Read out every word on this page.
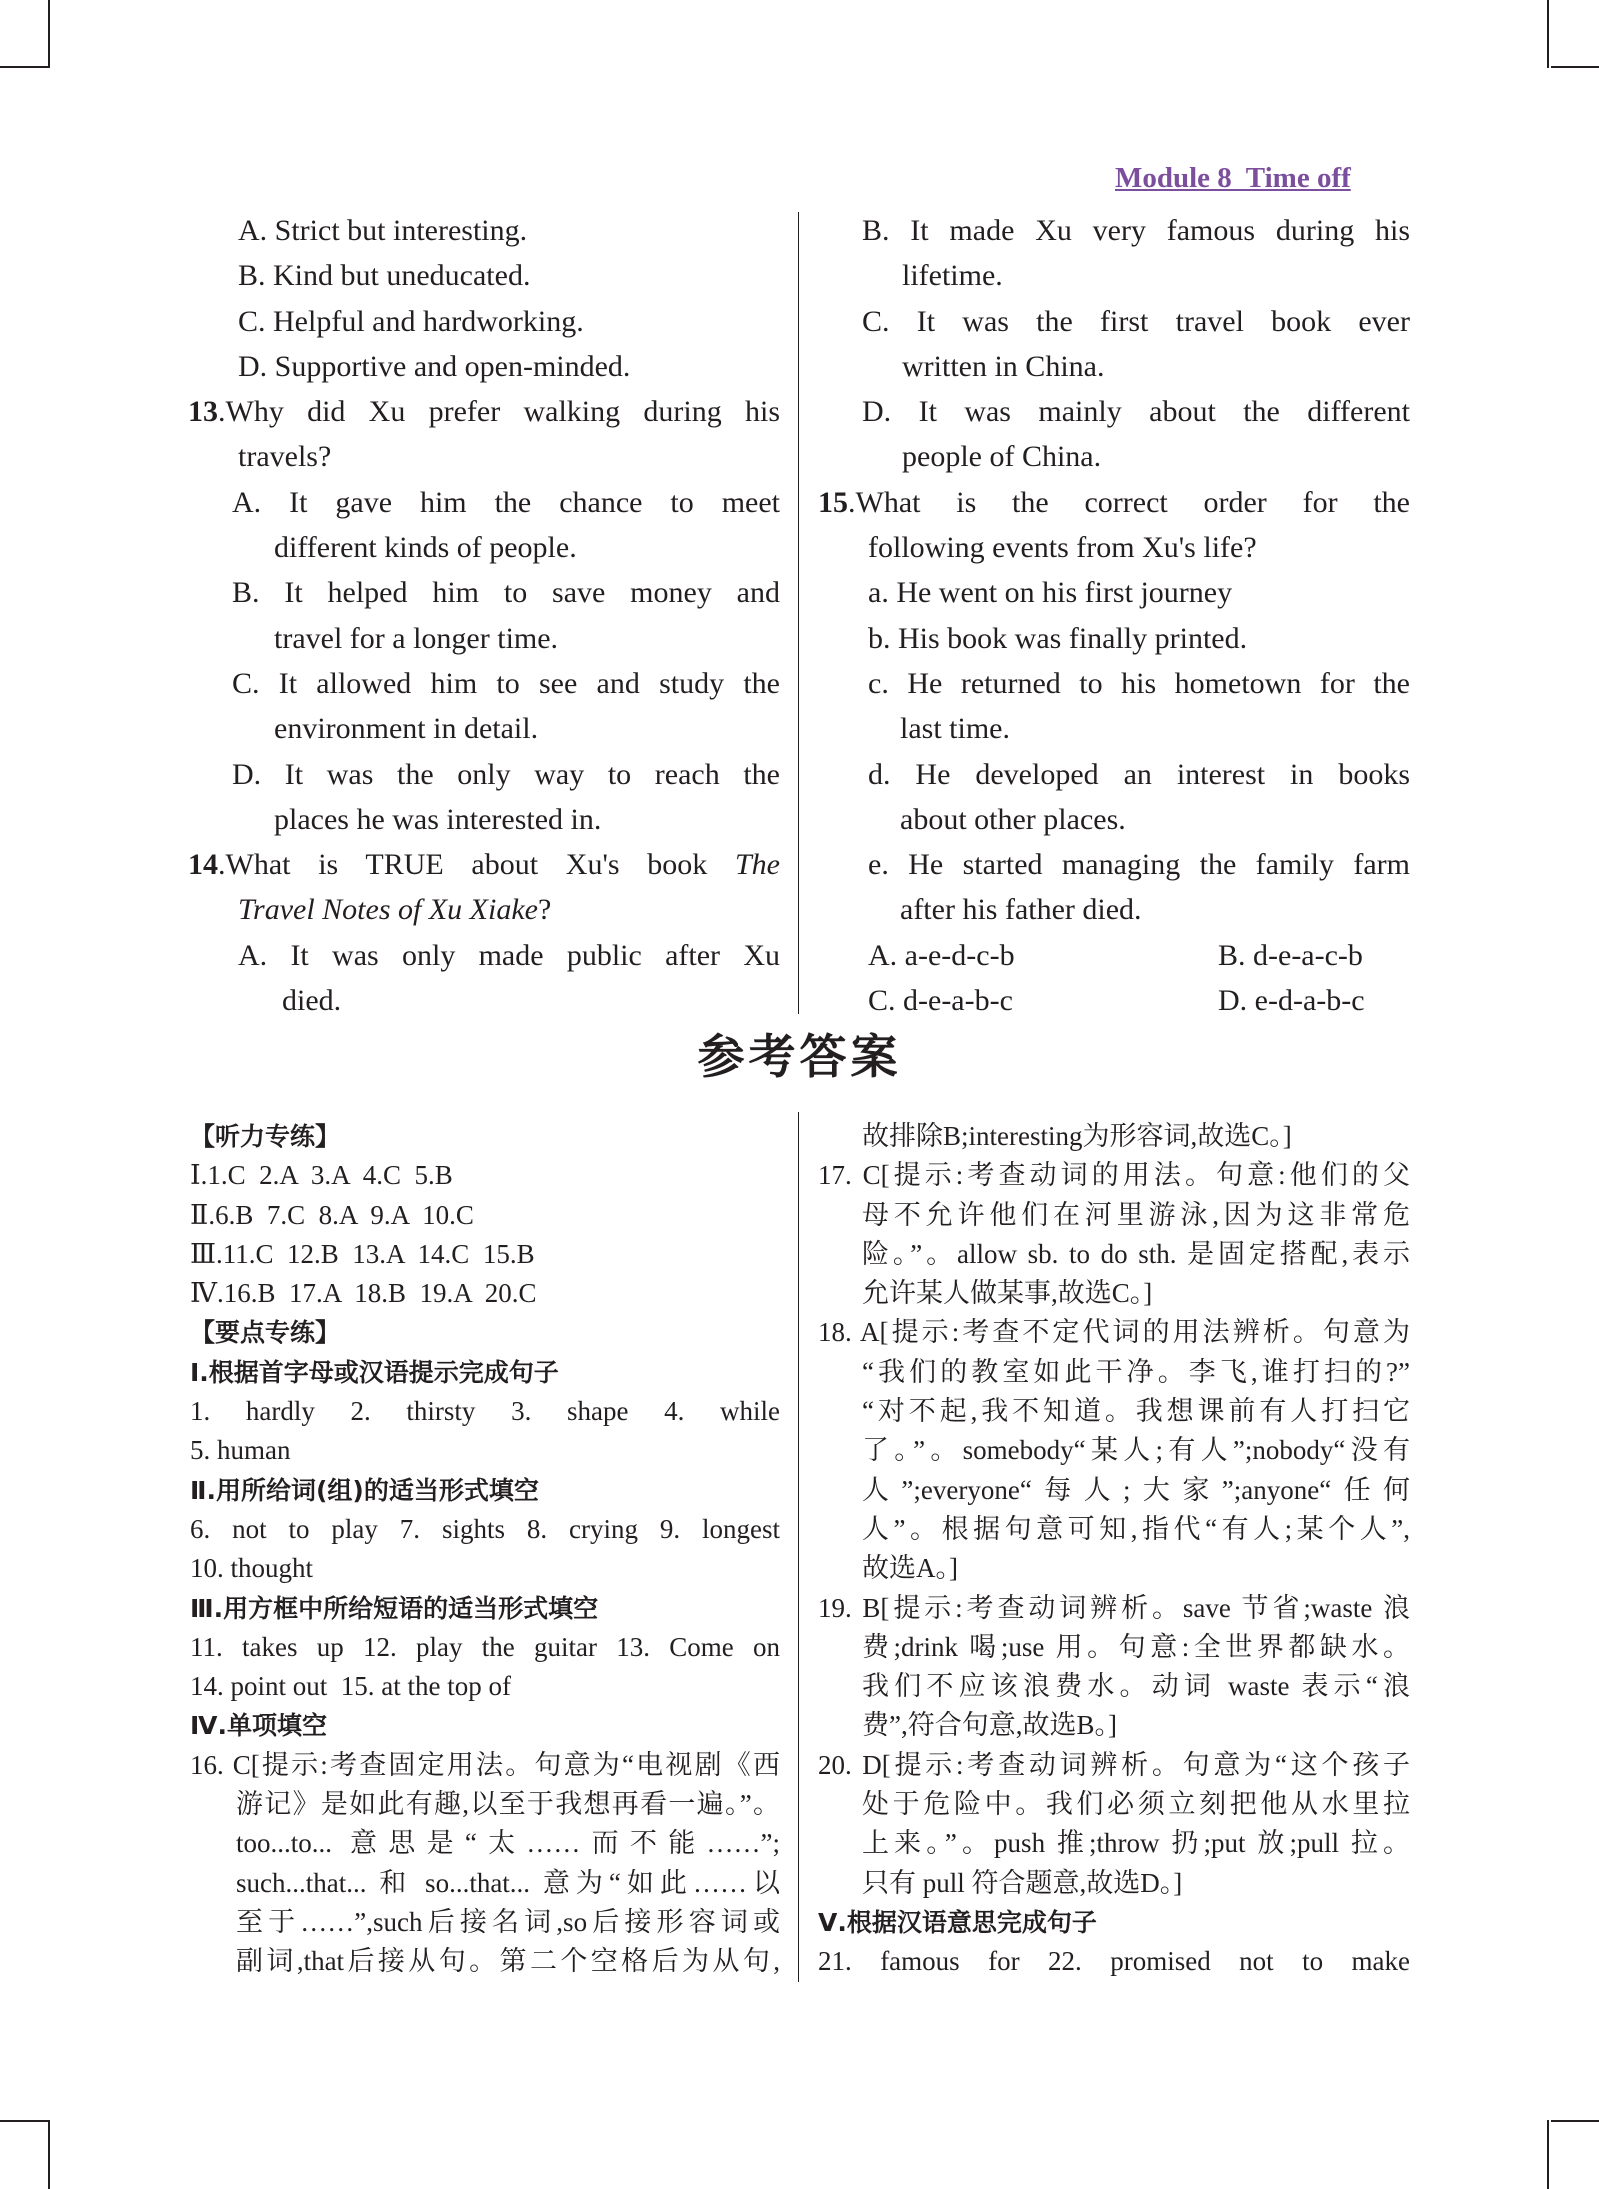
Module 8  Time off

A. Strict but interesting.

B. Kind but uneducated.

C. Helpful and hardworking.

D. Supportive and open-minded.

13.Why did Xu prefer walking during his

travels?

A. It gave him the chance to meet

different kinds of people.

B. It helped him to save money and

travel for a longer time.

C. It allowed him to see and study the

environment in detail.

D. It was the only way to reach the

places he was interested in.

14.What is TRUE about Xu's book The

Travel Notes of Xu Xiake?

A. It was only made public after Xu

died.

B. It made Xu very famous during his

lifetime.

C. It was the first travel book ever

written in China.

D. It was mainly about the different

people of China.

15.What is the correct order for the

following events from Xu's life?

a. He went on his first journey

b. His book was finally printed.

c. He returned to his hometown for the

last time.

d. He developed an interest in books

about other places.

e. He started managing the family farm

after his father died.

A. a-e-d-c-b	B. d-e-a-c-b

C. d-e-a-b-c	D. e-d-a-b-c

参考答案

【听力专练】

Ⅰ.1.C  2.A  3.A  4.C  5.B

Ⅱ.6.B  7.C  8.A  9.A  10.C

Ⅲ.11.C  12.B  13.A  14.C  15.B

Ⅳ.16.B  17.A  18.B  19.A  20.C

【要点专练】

Ⅰ.根据首字母或汉语提示完成句子

1. hardly 2. thirsty 3. shape 4. while

5. human

Ⅱ.用所给词(组)的适当形式填空

6. not to play 7. sights 8. crying 9. longest

10. thought

Ⅲ.用方框中所给短语的适当形式填空

11. takes up 12. play the guitar 13. Come on

14. point out  15. at the top of

Ⅳ.单项填空

16. C[提示:考查固定用法。句意为“电视剧《西

游记》是如此有趣,以至于我想再看一遍。”。

too...to... 意思是“太……而不能……”;

such...that... 和 so...that... 意为“如此……以

至于……”,such后接名词,so后接形容词或

副词,that后接从句。第二个空格后为从句,

故排除B;interesting为形容词,故选C。]

17. C[提示:考查动词的用法。句意:他们的父

母不允许他们在河里游泳,因为这非常危

险。”。allow sb. to do sth. 是固定搭配,表示

允许某人做某事,故选C。]

18. A[提示:考查不定代词的用法辨析。句意为

“我们的教室如此干净。李飞,谁打扫的?”

“对不起,我不知道。我想课前有人打扫它

了。”。somebody“某人;有人”;nobody“没有

人”;everyone“每人;大家”;anyone“任何

人”。根据句意可知,指代“有人;某个人”,

故选A。]

19. B[提示:考查动词辨析。save 节省;waste 浪

费;drink 喝;use 用。句意:全世界都缺水。

我们不应该浪费水。动词 waste 表示“浪

费”,符合句意,故选B。]

20. D[提示:考查动词辨析。句意为“这个孩子

处于危险中。我们必须立刻把他从水里拉

上来。”。push 推;throw 扔;put 放;pull 拉。

只有 pull 符合题意,故选D。]

Ⅴ.根据汉语意思完成句子

21. famous for 22. promised not to make
